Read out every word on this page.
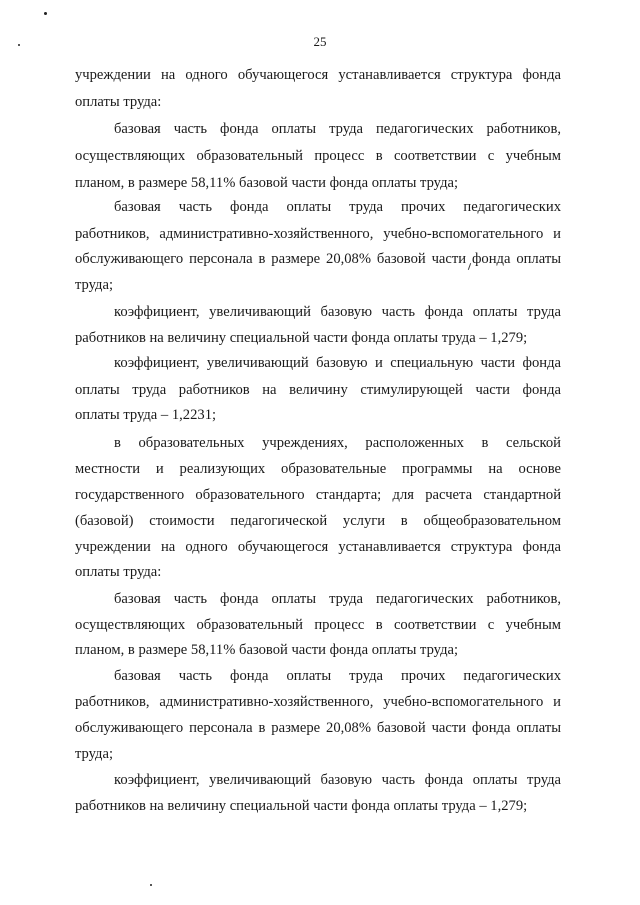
25
учреждении на одного обучающегося устанавливается структура фонда
оплаты труда:
базовая часть фонда оплаты труда педагогических работников,
осуществляющих образовательный процесс в соответствии с учебным
планом, в размере 58,11% базовой части фонда оплаты труда;
базовая часть фонда оплаты труда прочих педагогических
работников, административно-хозяйственного, учебно-вспомогательного и
обслуживающего персонала в размере 20,08% базовой части фонда оплаты
труда;
коэффициент, увеличивающий базовую часть фонда оплаты труда
работников на величину специальной части фонда оплаты труда – 1,279;
коэффициент, увеличивающий базовую и специальную части фонда
оплаты труда работников на величину стимулирующей части фонда
оплаты труда – 1,2231;
в образовательных учреждениях, расположенных в сельской
местности и реализующих образовательные программы на основе
государственного образовательного стандарта; для расчета стандартной
(базовой) стоимости педагогической услуги в общеобразовательном
учреждении на одного обучающегося устанавливается структура фонда
оплаты труда:
базовая часть фонда оплаты труда педагогических работников,
осуществляющих образовательный процесс в соответствии с учебным
планом, в размере 58,11% базовой части фонда оплаты труда;
базовая часть фонда оплаты труда прочих педагогических
работников, административно-хозяйственного, учебно-вспомогательного и
обслуживающего персонала в размере 20,08% базовой части фонда оплаты
труда;
коэффициент, увеличивающий базовую часть фонда оплаты труда
работников на величину специальной части фонда оплаты труда – 1,279;
